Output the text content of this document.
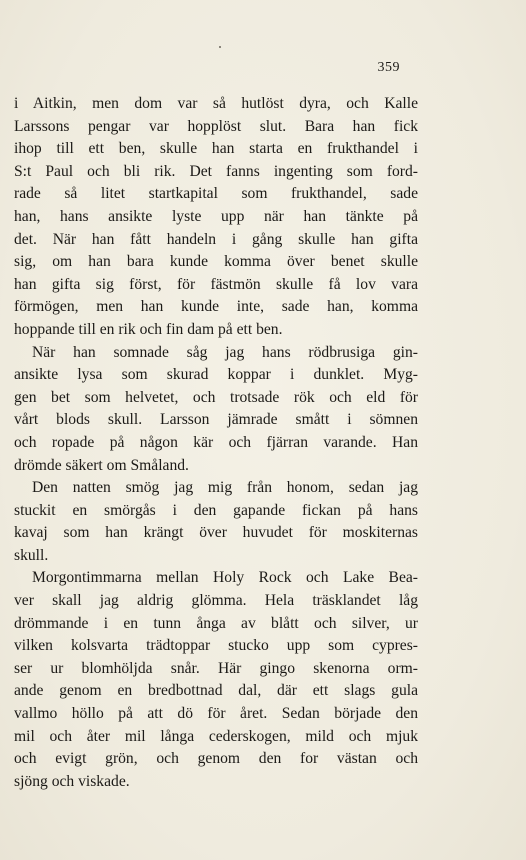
359
i Aitkin, men dom var så hutlöst dyra, och Kalle
Larssons pengar var hopplöst slut. Bara han fick
ihop till ett ben, skulle han starta en frukthandel i
S:t Paul och bli rik. Det fanns ingenting som ford-
rade så litet startkapital som frukthandel, sade
han, hans ansikte lyste upp när han tänkte på
det. När han fått handeln i gång skulle han gifta
sig, om han bara kunde komma över benet skulle
han gifta sig först, för fästmön skulle få lov vara
förmögen, men han kunde inte, sade han, komma
hoppande till en rik och fin dam på ett ben.
När han somnade såg jag hans rödbrusiga gin-
ansikte lysa som skurad koppar i dunklet. Myg-
gen bet som helvetet, och trotsade rök och eld för
vårt blods skull. Larsson jämrade smått i sömnen
och ropade på någon kär och fjärran varande. Han
drömde säkert om Småland.
Den natten smög jag mig från honom, sedan jag
stuckit en smörgås i den gapande fickan på hans
kavaj som han krängt över huvudet för moskiternas
skull.
Morgontimmarna mellan Holy Rock och Lake Bea-
ver skall jag aldrig glömma. Hela träsklandet låg
drömmande i en tunn ånga av blått och silver, ur
vilken kolsvarta trädtoppar stucko upp som cypres-
ser ur blomhöljda snår. Här gingo skenorna orm-
ande genom en bredbottnad dal, där ett slags gula
vallmo höllo på att dö för året. Sedan började den
mil och åter mil långa cederskogen, mild och mjuk
och evigt grön, och genom den for västan och
sjöng och viskade.
